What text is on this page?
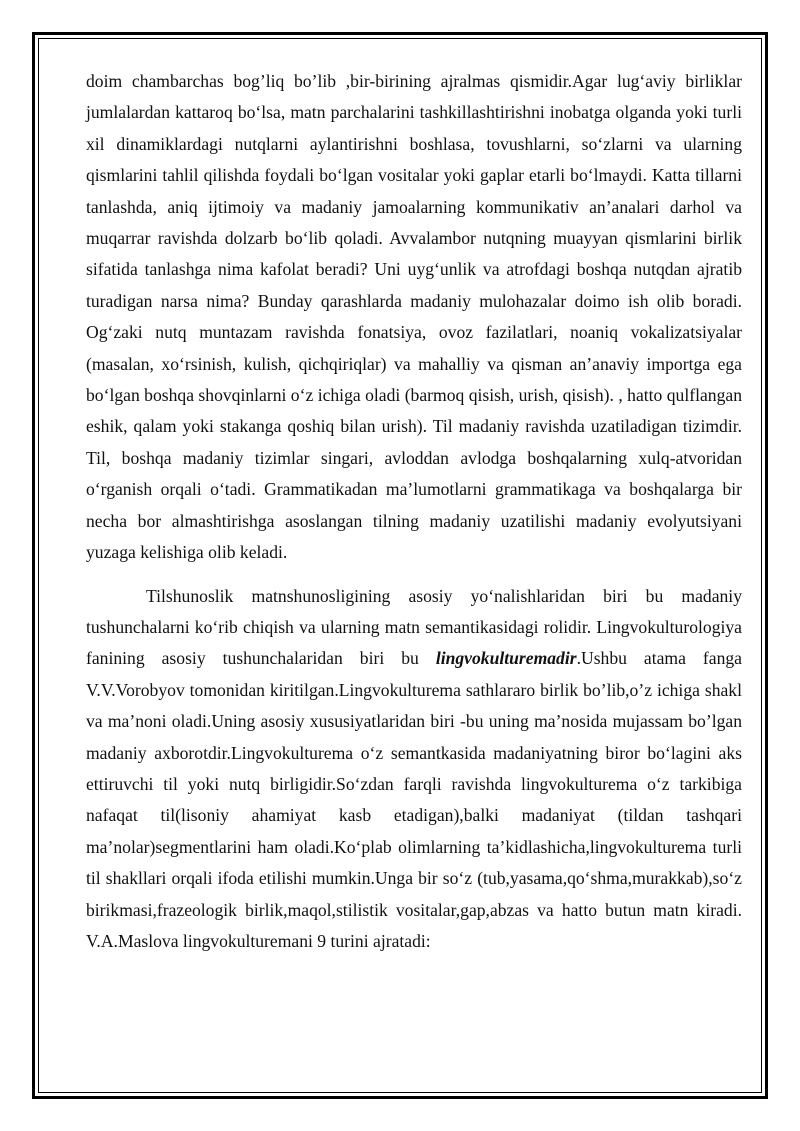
doim chambarchas bog’liq bo’lib ,bir-birining ajralmas qismidir.Agar lug‘aviy birliklar jumlalardan kattaroq bo‘lsa, matn parchalarini tashkillashtirishni inobatga olganda yoki turli xil dinamiklardagi nutqlarni aylantirishni boshlasa, tovushlarni, so‘zlarni va ularning qismlarini tahlil qilishda foydali bo‘lgan vositalar yoki gaplar etarli bo‘lmaydi. Katta tillarni tanlashda, aniq ijtimoiy va madaniy jamoalarning kommunikativ an’analari darhol va muqarrar ravishda dolzarb bo‘lib qoladi. Avvalambor nutqning muayyan qismlarini birlik sifatida tanlashga nima kafolat beradi? Uni uyg‘unlik va atrofdagi boshqa nutqdan ajratib turadigan narsa nima? Bunday qarashlarda madaniy mulohazalar doimo ish olib boradi. Og‘zaki nutq muntazam ravishda fonatsiya, ovoz fazilatlari, noaniq vokalizatsiyalar (masalan, xo‘rsinish, kulish, qichqiriqlar) va mahalliy va qisman an’anaviy importga ega bo‘lgan boshqa shovqinlarni o‘z ichiga oladi (barmoq qisish, urish, qisish). , hatto qulflangan eshik, qalam yoki stakanga qoshiq bilan urish). Til madaniy ravishda uzatiladigan tizimdir. Til, boshqa madaniy tizimlar singari, avloddan avlodga boshqalarning xulq-atvoridan o‘rganish orqali o‘tadi. Grammatikadan ma’lumotlarni grammatikaga va boshqalarga bir necha bor almashtirishga asoslangan tilning madaniy uzatilishi madaniy evolyutsiyani yuzaga kelishiga olib keladi.

Tilshunoslik matnshunosligining asosiy yo‘nalishlaridan biri bu madaniy tushunchalarni ko‘rib chiqish va ularning matn semantikasidagi rolidir. Lingvokulturologiya fanining asosiy tushunchalaridan biri bu lingvokulturemadir.Ushbu atama fanga V.V.Vorobyov tomonidan kiritilgan.Lingvokulturema sathlararo birlik bo’lib,o’z ichiga shakl va ma’noni oladi.Uning asosiy xususiyatlaridan biri -bu uning ma’nosida mujassam bo’lgan madaniy axborotdir.Lingvokulturema o‘z semantkasida madaniyatning biror bo‘lagini aks ettiruvchi til yoki nutq birligidir.So‘zdan farqli ravishda lingvokulturema o‘z tarkibiga nafaqat til(lisoniy ahamiyat kasb etadigan),balki madaniyat (tildan tashqari ma’nolar)segmentlarini ham oladi.Ko‘plab olimlarning ta’kidlashicha,lingvokulturema turli til shakllari orqali ifoda etilishi mumkin.Unga bir so‘z (tub,yasama,qo‘shma,murakkab),so‘z birikmasi,frazeologik birlik,maqol,stilistik vositalar,gap,abzas va hatto butun matn kiradi. V.A.Maslova lingvokulturemani 9 turini ajratadi:
